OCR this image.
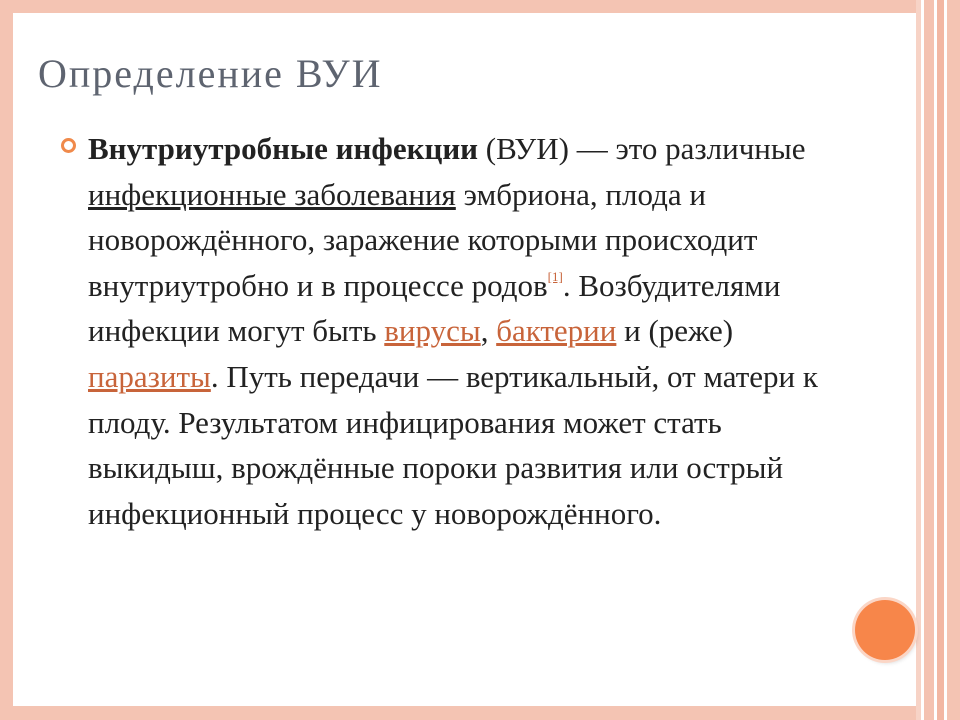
Определение ВУИ

Внутриутробные инфекции (ВУИ) — это различные инфекционные заболевания эмбриона, плода и новорождённого, заражение которыми происходит внутриутробно и в процессе родов[1]. Возбудителями инфекции могут быть вирусы, бактерии и (реже) паразиты. Путь передачи — вертикальный, от матери к плоду. Результатом инфицирования может стать выкидыш, врождённые пороки развития или острый инфекционный процесс у новорождённого.
